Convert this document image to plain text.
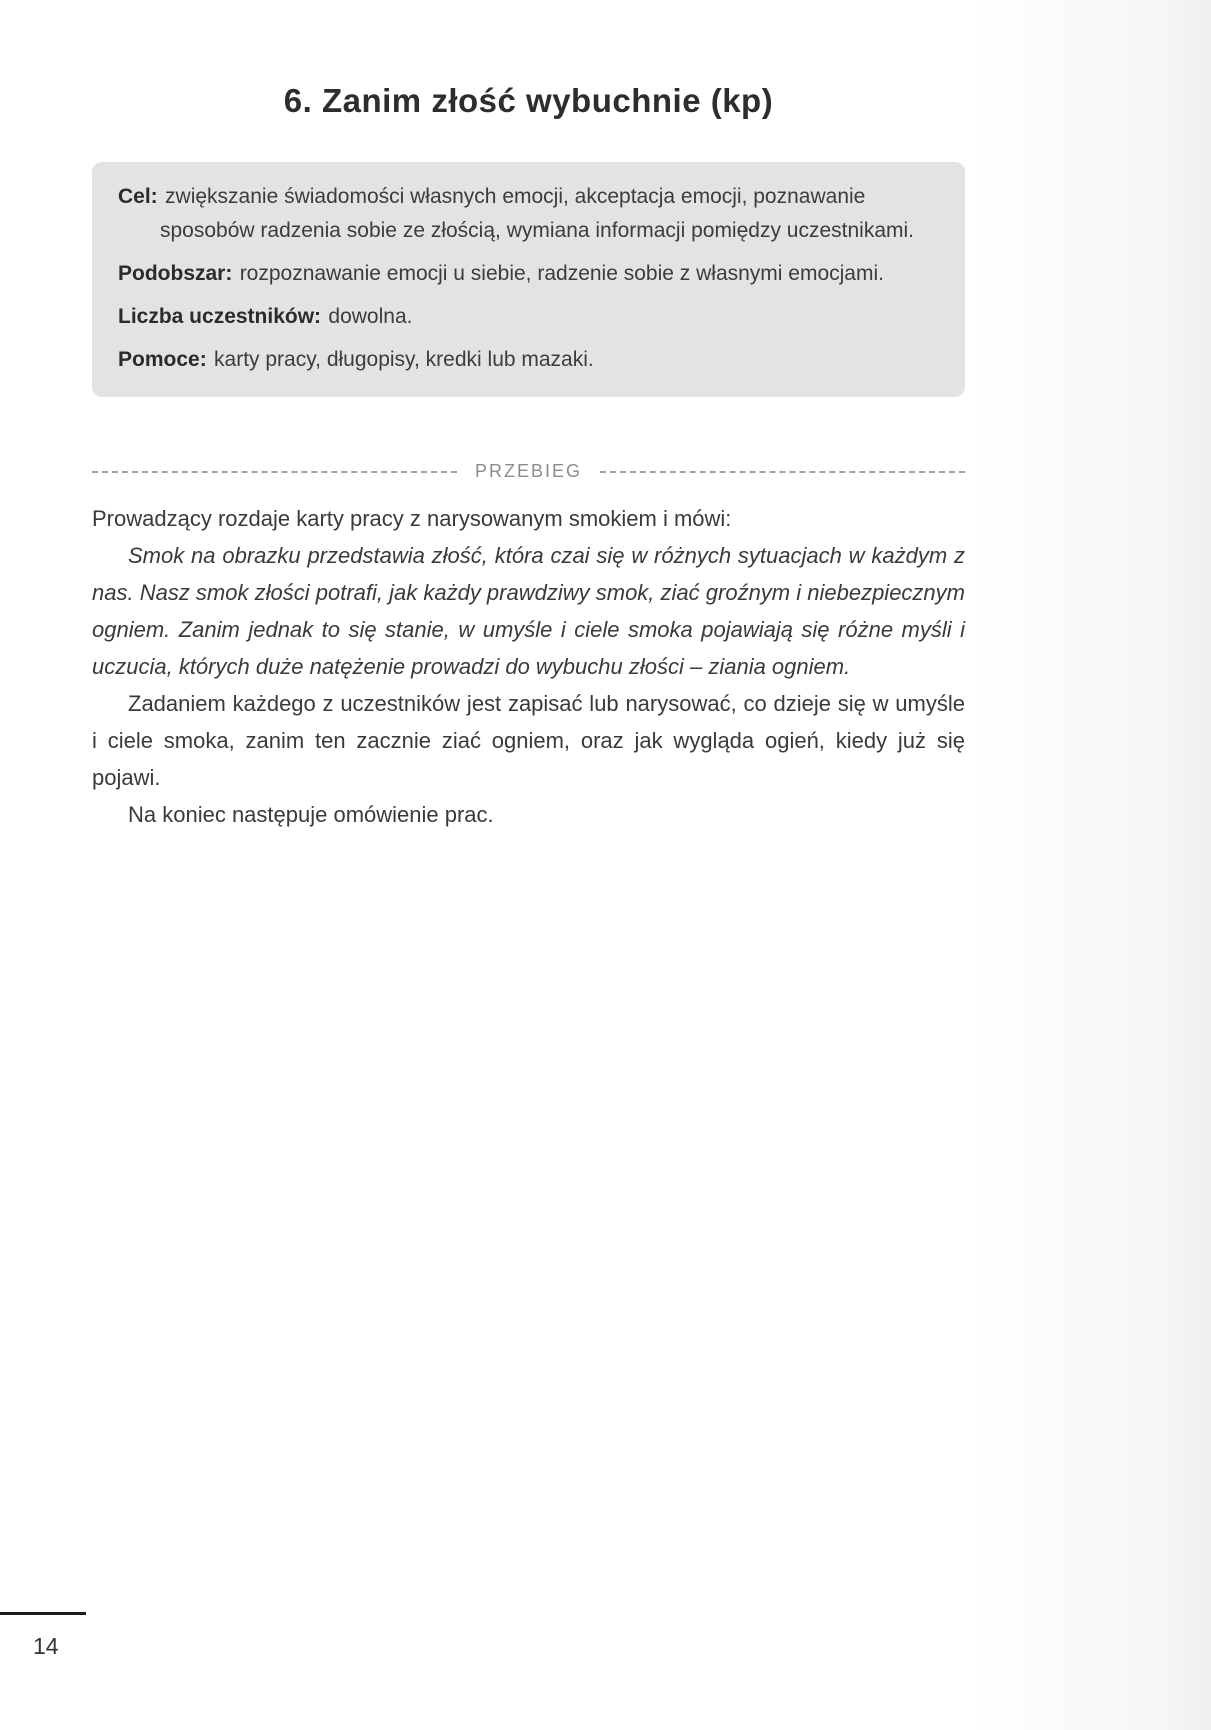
6. Zanim złość wybuchnie (kp)

Cel: zwiększanie świadomości własnych emocji, akceptacja emocji, poznawanie sposobów radzenia sobie ze złością, wymiana informacji pomiędzy uczestnikami.

Podobszar: rozpoznawanie emocji u siebie, radzenie sobie z własnymi emocjami.

Liczba uczestników: dowolna.

Pomoce: karty pracy, długopisy, kredki lub mazaki.

PRZEBIEG

Prowadzący rozdaje karty pracy z narysowanym smokiem i mówi:

Smok na obrazku przedstawia złość, która czai się w różnych sytuacjach w każdym z nas. Nasz smok złości potrafi, jak każdy prawdziwy smok, ziać groźnym i niebezpiecznym ogniem. Zanim jednak to się stanie, w umyśle i ciele smoka pojawiają się różne myśli i uczucia, których duże natężenie prowadzi do wybuchu złości – ziania ogniem.

Zadaniem każdego z uczestników jest zapisać lub narysować, co dzieje się w umyśle i ciele smoka, zanim ten zacznie ziać ogniem, oraz jak wygląda ogień, kiedy już się pojawi.

Na koniec następuje omówienie prac.

14
